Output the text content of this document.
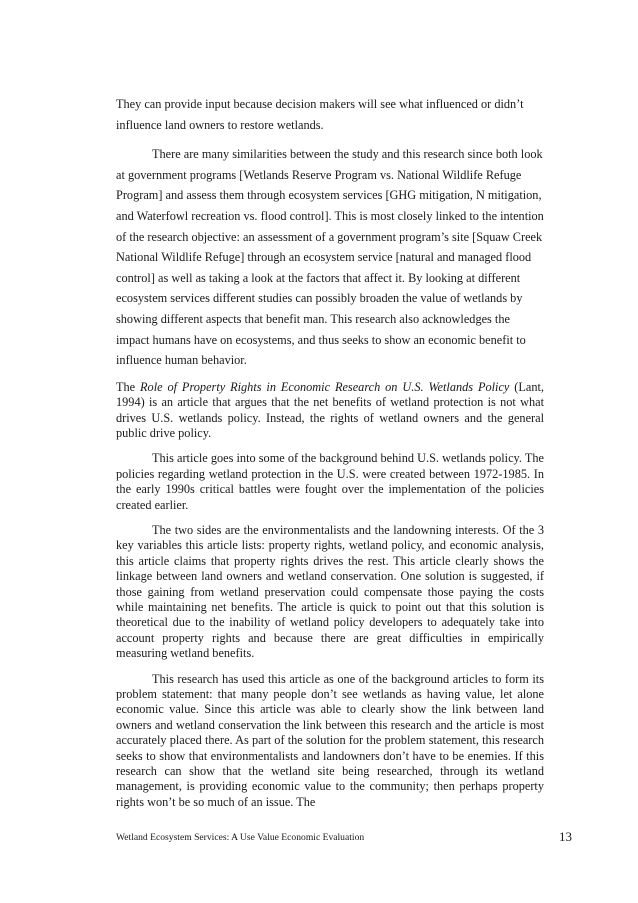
They can provide input because decision makers will see what influenced or didn’t influence land owners to restore wetlands.

There are many similarities between the study and this research since both look at government programs [Wetlands Reserve Program vs. National Wildlife Refuge Program] and assess them through ecosystem services [GHG mitigation, N mitigation, and Waterfowl recreation vs. flood control]. This is most closely linked to the intention of the research objective: an assessment of a government program’s site [Squaw Creek National Wildlife Refuge] through an ecosystem service [natural and managed flood control] as well as taking a look at the factors that affect it. By looking at different ecosystem services different studies can possibly broaden the value of wetlands by showing different aspects that benefit man. This research also acknowledges the impact humans have on ecosystems, and thus seeks to show an economic benefit to influence human behavior.

The Role of Property Rights in Economic Research on U.S. Wetlands Policy (Lant, 1994) is an article that argues that the net benefits of wetland protection is not what drives U.S. wetlands policy. Instead, the rights of wetland owners and the general public drive policy.

This article goes into some of the background behind U.S. wetlands policy. The policies regarding wetland protection in the U.S. were created between 1972-1985. In the early 1990s critical battles were fought over the implementation of the policies created earlier.

The two sides are the environmentalists and the landowning interests. Of the 3 key variables this article lists: property rights, wetland policy, and economic analysis, this article claims that property rights drives the rest. This article clearly shows the linkage between land owners and wetland conservation. One solution is suggested, if those gaining from wetland preservation could compensate those paying the costs while maintaining net benefits. The article is quick to point out that this solution is theoretical due to the inability of wetland policy developers to adequately take into account property rights and because there are great difficulties in empirically measuring wetland benefits.

This research has used this article as one of the background articles to form its problem statement: that many people don’t see wetlands as having value, let alone economic value. Since this article was able to clearly show the link between land owners and wetland conservation the link between this research and the article is most accurately placed there. As part of the solution for the problem statement, this research seeks to show that environmentalists and landowners don’t have to be enemies. If this research can show that the wetland site being researched, through its wetland management, is providing economic value to the community; then perhaps property rights won’t be so much of an issue. The

Wetland Ecosystem Services: A Use Value Economic Evaluation	13
